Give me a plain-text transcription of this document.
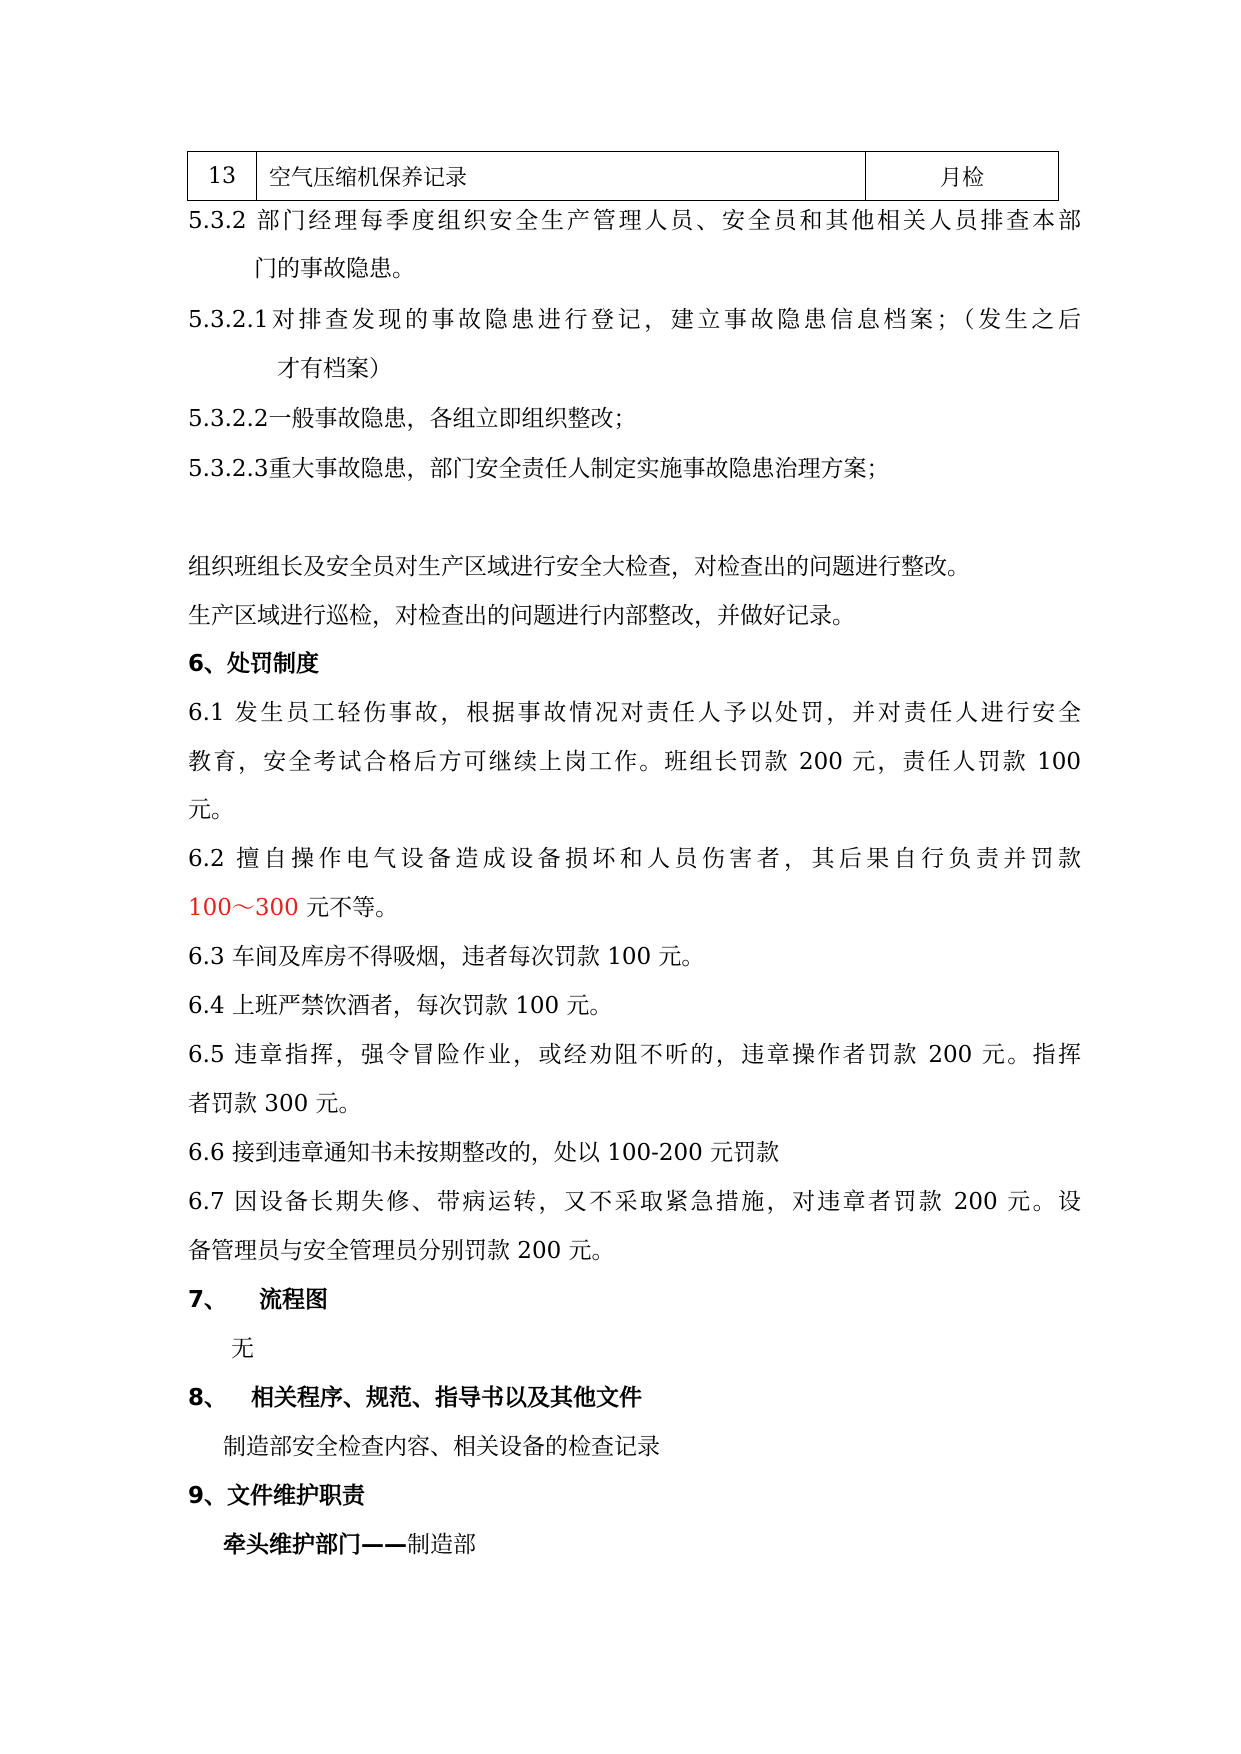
13	空气压缩机保养记录	月检
5.3.2 部门经理每季度组织安全生产管理人员、安全员和其他相关人员排查本部
门的事故隐患。
5.3.2.1对排查发现的事故隐患进行登记，建立事故隐患信息档案；（发生之后
才有档案）
5.3.2.2一般事故隐患，各组立即组织整改；
5.3.2.3重大事故隐患，部门安全责任人制定实施事故隐患治理方案；
组织班组长及安全员对生产区域进行安全大检查，对检查出的问题进行整改。
生产区域进行巡检，对检查出的问题进行内部整改，并做好记录。
6、处罚制度
6.1 发生员工轻伤事故，根据事故情况对责任人予以处罚，并对责任人进行安全
教育，安全考试合格后方可继续上岗工作。班组长罚款 200 元，责任人罚款 100
元。
6.2 擅自操作电气设备造成设备损坏和人员伤害者，其后果自行负责并罚款
100～300 元不等。
6.3 车间及库房不得吸烟，违者每次罚款 100 元。
6.4 上班严禁饮酒者，每次罚款 100 元。
6.5 违章指挥，强令冒险作业，或经劝阻不听的，违章操作者罚款 200 元。指挥
者罚款 300 元。
6.6 接到违章通知书未按期整改的，处以 100-200 元罚款
6.7 因设备长期失修、带病运转，又不采取紧急措施，对违章者罚款 200 元。设
备管理员与安全管理员分别罚款 200 元。
7、    流程图
无
8、   相关程序、规范、指导书以及其他文件
制造部安全检查内容、相关设备的检查记录
9、文件维护职责
牵头维护部门——制造部
